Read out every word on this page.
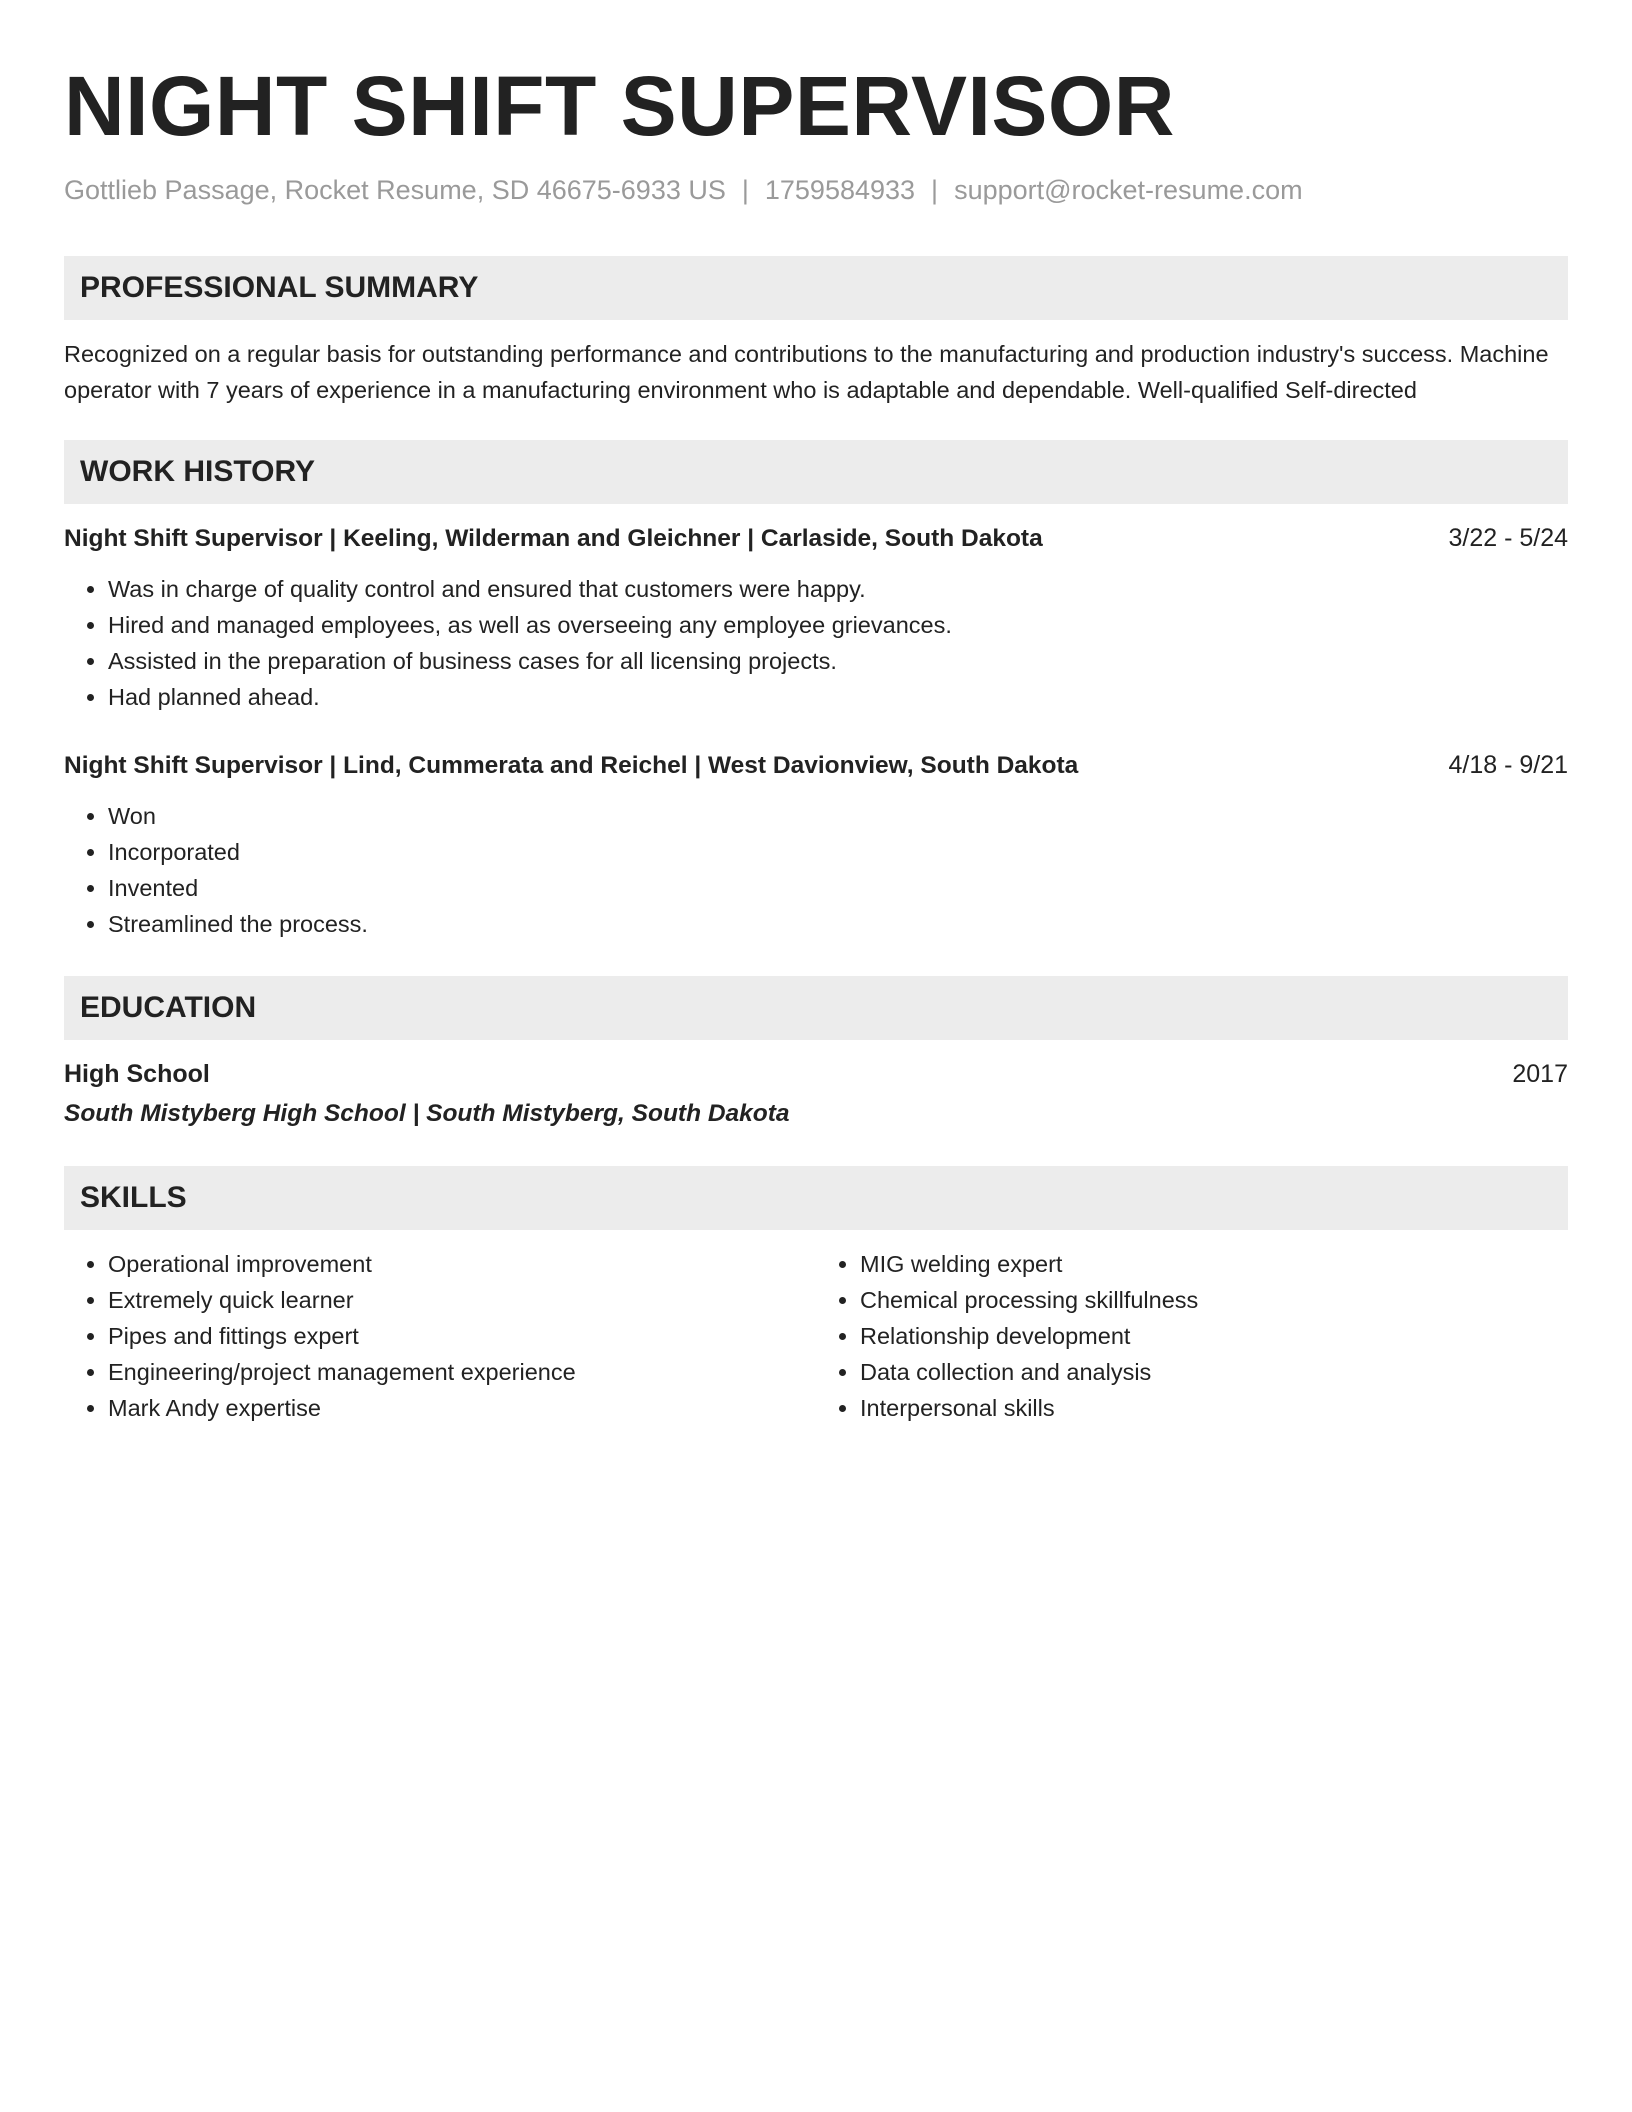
NIGHT SHIFT SUPERVISOR
Gottlieb Passage, Rocket Resume, SD 46675-6933 US | 1759584933 | support@rocket-resume.com
PROFESSIONAL SUMMARY
Recognized on a regular basis for outstanding performance and contributions to the manufacturing and production industry's success. Machine operator with 7 years of experience in a manufacturing environment who is adaptable and dependable. Well-qualified Self-directed
WORK HISTORY
Night Shift Supervisor | Keeling, Wilderman and Gleichner | Carlaside, South Dakota	3/22 - 5/24
• Was in charge of quality control and ensured that customers were happy.
• Hired and managed employees, as well as overseeing any employee grievances.
• Assisted in the preparation of business cases for all licensing projects.
• Had planned ahead.
Night Shift Supervisor | Lind, Cummerata and Reichel | West Davionview, South Dakota	4/18 - 9/21
• Won
• Incorporated
• Invented
• Streamlined the process.
EDUCATION
High School	2017
South Mistyberg High School | South Mistyberg, South Dakota
SKILLS
• Operational improvement
• Extremely quick learner
• Pipes and fittings expert
• Engineering/project management experience
• Mark Andy expertise
• MIG welding expert
• Chemical processing skillfulness
• Relationship development
• Data collection and analysis
• Interpersonal skills
